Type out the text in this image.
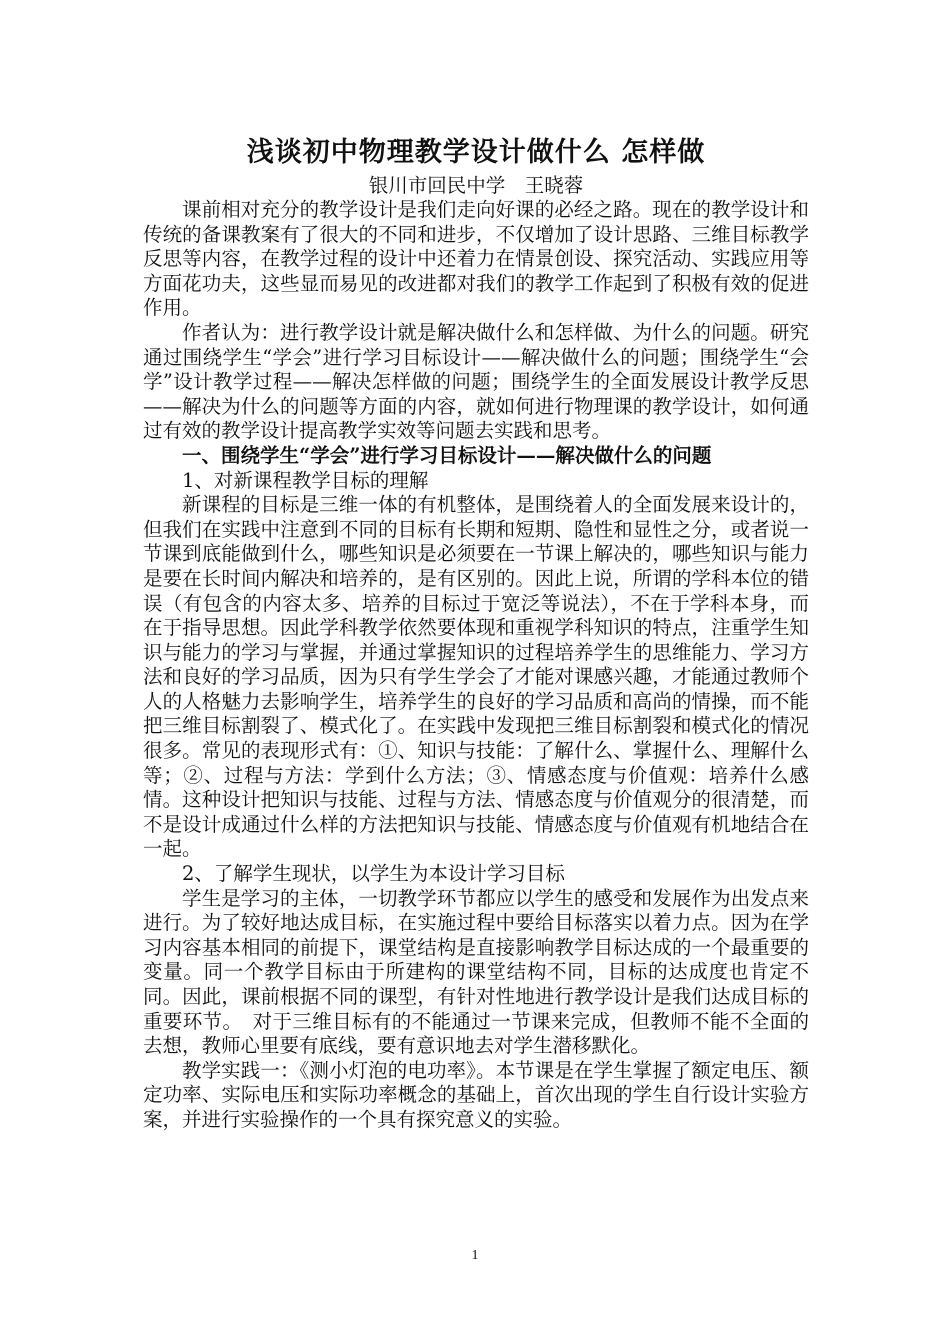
浅谈初中物理教学设计做什么 怎样做

银川市回民中学　王晓蓉

课前相对充分的教学设计是我们走向好课的必经之路。现在的教学设计和传统的备课教案有了很大的不同和进步，不仅增加了设计思路、三维目标教学反思等内容，在教学过程的设计中还着力在情景创设、探究活动、实践应用等方面花功夫，这些显而易见的改进都对我们的教学工作起到了积极有效的促进作用。

作者认为：进行教学设计就是解决做什么和怎样做、为什么的问题。研究通过围绕学生“学会”进行学习目标设计——解决做什么的问题；围绕学生“会学”设计教学过程——解决怎样做的问题；围绕学生的全面发展设计教学反思——解决为什么的问题等方面的内容，就如何进行物理课的教学设计，如何通过有效的教学设计提高教学实效等问题去实践和思考。

一、围绕学生“学会”进行学习目标设计——解决做什么的问题

1、对新课程教学目标的理解

新课程的目标是三维一体的有机整体，是围绕着人的全面发展来设计的，但我们在实践中注意到不同的目标有长期和短期、隐性和显性之分，或者说一节课到底能做到什么，哪些知识是必须要在一节课上解决的，哪些知识与能力是要在长时间内解决和培养的，是有区别的。因此上说，所谓的学科本位的错误（有包含的内容太多、培养的目标过于宽泛等说法），不在于学科本身，而在于指导思想。因此学科教学依然要体现和重视学科知识的特点，注重学生知识与能力的学习与掌握，并通过掌握知识的过程培养学生的思维能力、学习方法和良好的学习品质，因为只有学生学会了才能对课感兴趣，才能通过教师个人的人格魅力去影响学生，培养学生的良好的学习品质和高尚的情操，而不能把三维目标割裂了、模式化了。在实践中发现把三维目标割裂和模式化的情况很多。常见的表现形式有：①、知识与技能：了解什么、掌握什么、理解什么等；②、过程与方法：学到什么方法；③、情感态度与价值观：培养什么感情。这种设计把知识与技能、过程与方法、情感态度与价值观分的很清楚，而不是设计成通过什么样的方法把知识与技能、情感态度与价值观有机地结合在一起。

2、了解学生现状，以学生为本设计学习目标

学生是学习的主体，一切教学环节都应以学生的感受和发展作为出发点来进行。为了较好地达成目标，在实施过程中要给目标落实以着力点。因为在学习内容基本相同的前提下，课堂结构是直接影响教学目标达成的一个最重要的变量。同一个教学目标由于所建构的课堂结构不同，目标的达成度也肯定不同。因此，课前根据不同的课型，有针对性地进行教学设计是我们达成目标的重要环节。　对于三维目标有的不能通过一节课来完成，但教师不能不全面的去想，教师心里要有底线，要有意识地去对学生潜移默化。

教学实践一：《测小灯泡的电功率》。本节课是在学生掌握了额定电压、额定功率、实际电压和实际功率概念的基础上，首次出现的学生自行设计实验方案，并进行实验操作的一个具有探究意义的实验。

1
